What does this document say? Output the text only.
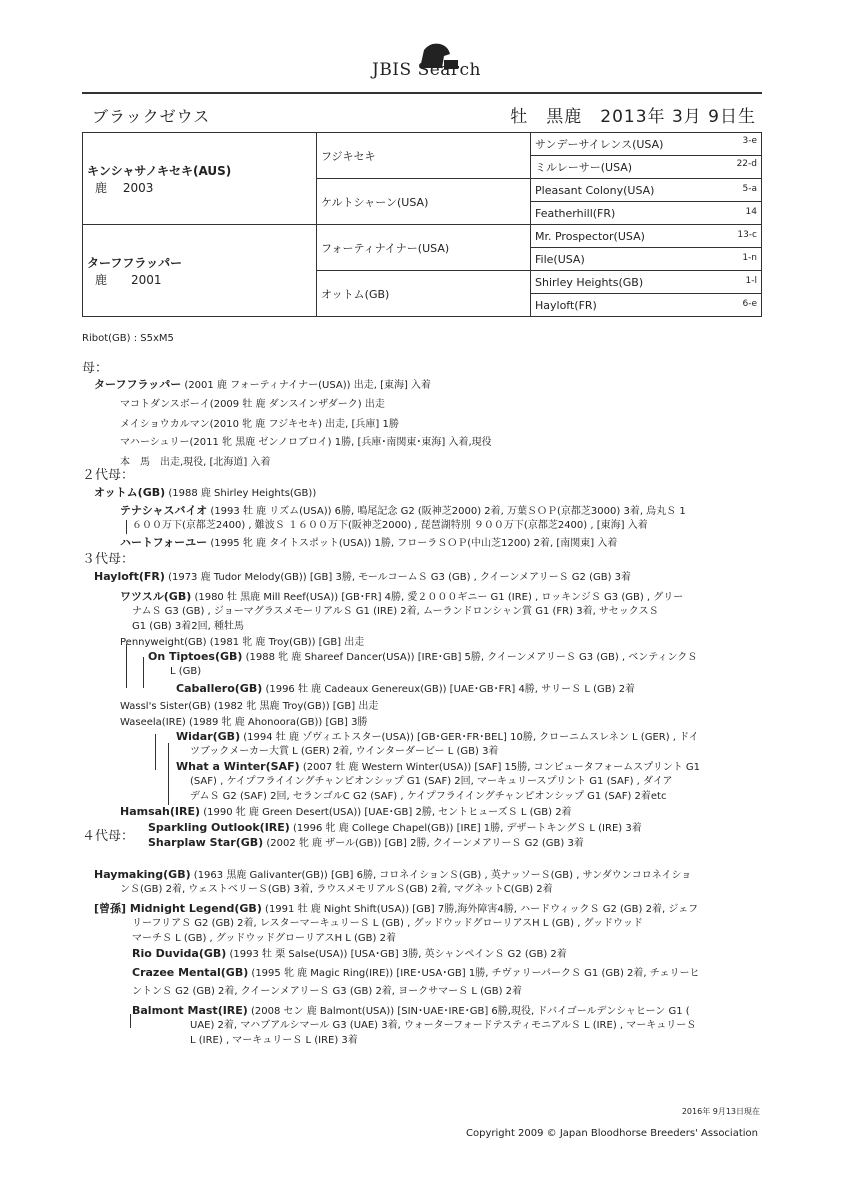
JBIS Search
ブラックゼウス	牡　黒鹿　2013年 3月 9日生
キンシャサノキセキ(AUS)
鹿　 2003	フジキセキ	サンデーサイレンス(USA) 3-e

		ミルレーサー(USA) 22-d

	ケルトシャーン(USA)	Pleasant Colony(USA) 5-a

		Featherhill(FR) 14

ターフフラッパー
鹿　　2001	フォーティナイナー(USA)	Mr. Prospector(USA) 13-c

		File(USA) 1-n

	オットム(GB)	Shirley Heights(GB) 1-l

		Hayloft(FR) 6-e
Ribot(GB) : S5xM5
母：
２代母：
３代母：
４代母：
ターフフラッパー (2001 鹿 フォーティナイナー(USA)) 出走, [東海] 入着
マコトダンスボーイ(2009 牡 鹿 ダンスインザダーク) 出走
メイショウカルマン(2010 牝 鹿 フジキセキ) 出走, [兵庫] 1勝
マハーシュリー(2011 牝 黒鹿 ゼンノロブロイ) 1勝, [兵庫･南関東･東海] 入着,現役
本　馬　出走,現役, [北海道] 入着
オットム(GB) (1988 鹿 Shirley Heights(GB))
テナシャスバイオ (1993 牡 鹿 リズム(USA)) 6勝, 鳴尾記念 G2 (阪神芝2000) 2着, 万葉ＳＯＰ(京都芝3000) 3着, 烏丸Ｓ 1
６００万下(京都芝2400) , 難波Ｓ １６００万下(阪神芝2000) , 琵琶湖特別 ９００万下(京都芝2400) , [東海] 入着
ハートフォーユー (1995 牝 鹿 タイトスポット(USA)) 1勝, フローラＳＯＰ(中山芝1200) 2着, [南関東] 入着
Hayloft(FR) (1973 鹿 Tudor Melody(GB)) [GB] 3勝, モールコームＳ G3 (GB) , クイーンメアリーＳ G2 (GB) 3着
ワツスル(GB) (1980 牡 黒鹿 Mill Reef(USA)) [GB･FR] 4勝, 愛２０００ギニー G1 (IRE) , ロッキンジＳ G3 (GB) , グリー
ナムＳ G3 (GB) , ジョーマグラスメモーリアルＳ G1 (IRE) 2着, ムーランドロンシャン賞 G1 (FR) 3着, サセックスＳ
G1 (GB) 3着2回, 種牡馬
Pennyweight(GB) (1981 牝 鹿 Troy(GB)) [GB] 出走
On Tiptoes(GB) (1988 牝 鹿 Shareef Dancer(USA)) [IRE･GB] 5勝, クイーンメアリーＳ G3 (GB) , ベンティンクＳ
L (GB)
Caballero(GB) (1996 牡 鹿 Cadeaux Genereux(GB)) [UAE･GB･FR] 4勝, サリーＳ L (GB) 2着
Wassl's Sister(GB) (1982 牝 黒鹿 Troy(GB)) [GB] 出走
Waseela(IRE) (1989 牝 鹿 Ahonoora(GB)) [GB] 3勝
Widar(GB) (1994 牡 鹿 ゾヴィエトスター(USA)) [GB･GER･FR･BEL] 10勝, クローニムスレネン L (GER) , ドイ
ツブックメーカー大賞 L (GER) 2着, ウインターダービー L (GB) 3着
What a Winter(SAF) (2007 牡 鹿 Western Winter(USA)) [SAF] 15勝, コンピュータフォームスプリント G1
(SAF) , ケイプフライイングチャンピオンシップ G1 (SAF) 2回, マーキュリースプリント G1 (SAF) , ダイア
デムＳ G2 (SAF) 2回, セランゴルC G2 (SAF) , ケイプフライイングチャンピオンシップ G1 (SAF) 2着etc
Hamsah(IRE) (1990 牝 鹿 Green Desert(USA)) [UAE･GB] 2勝, セントヒューズＳ L (GB) 2着
Sparkling Outlook(IRE) (1996 牝 鹿 College Chapel(GB)) [IRE] 1勝, デザートキングＳ L (IRE) 3着
Sharplaw Star(GB) (2002 牝 鹿 ザール(GB)) [GB] 2勝, クイーンメアリーＳ G2 (GB) 3着
Haymaking(GB) (1963 黒鹿 Galivanter(GB)) [GB] 6勝, コロネイションＳ(GB) , 英ナッソーＳ(GB) , サンダウンコロネイショ
ンＳ(GB) 2着, ウェストベリーＳ(GB) 3着, ラウスメモリアルＳ(GB) 2着, マグネットC(GB) 2着
[曾孫] Midnight Legend(GB) (1991 牡 鹿 Night Shift(USA)) [GB] 7勝,海外障害4勝, ハードウィックＳ G2 (GB) 2着, ジェフ
リーフリアＳ G2 (GB) 2着, レスターマーキュリーＳ L (GB) , グッドウッドグローリアスH L (GB) , グッドウッド
マーチＳ L (GB) , グッドウッドグローリアスH L (GB) 2着
Rio Duvida(GB) (1993 牡 栗 Salse(USA)) [USA･GB] 3勝, 英シャンペインＳ G2 (GB) 2着
Crazee Mental(GB) (1995 牝 鹿 Magic Ring(IRE)) [IRE･USA･GB] 1勝, チヴァリーパークＳ G1 (GB) 2着, チェリーヒ
ントンＳ G2 (GB) 2着, クイーンメアリーＳ G3 (GB) 2着, ヨークサマーＳ L (GB) 2着
Balmont Mast(IRE) (2008 セン 鹿 Balmont(USA)) [SIN･UAE･IRE･GB] 6勝,現役, ドバイゴールデンシャヒーン G1 (
UAE) 2着, マハブアルシマール G3 (UAE) 3着, ウォーターフォードテスティモニアルＳ L (IRE) , マーキュリーＳ
L (IRE) , マーキュリーＳ L (IRE) 3着
2016年 9月13日現在
Copyright 2009 © Japan Bloodhorse Breeders' Association
